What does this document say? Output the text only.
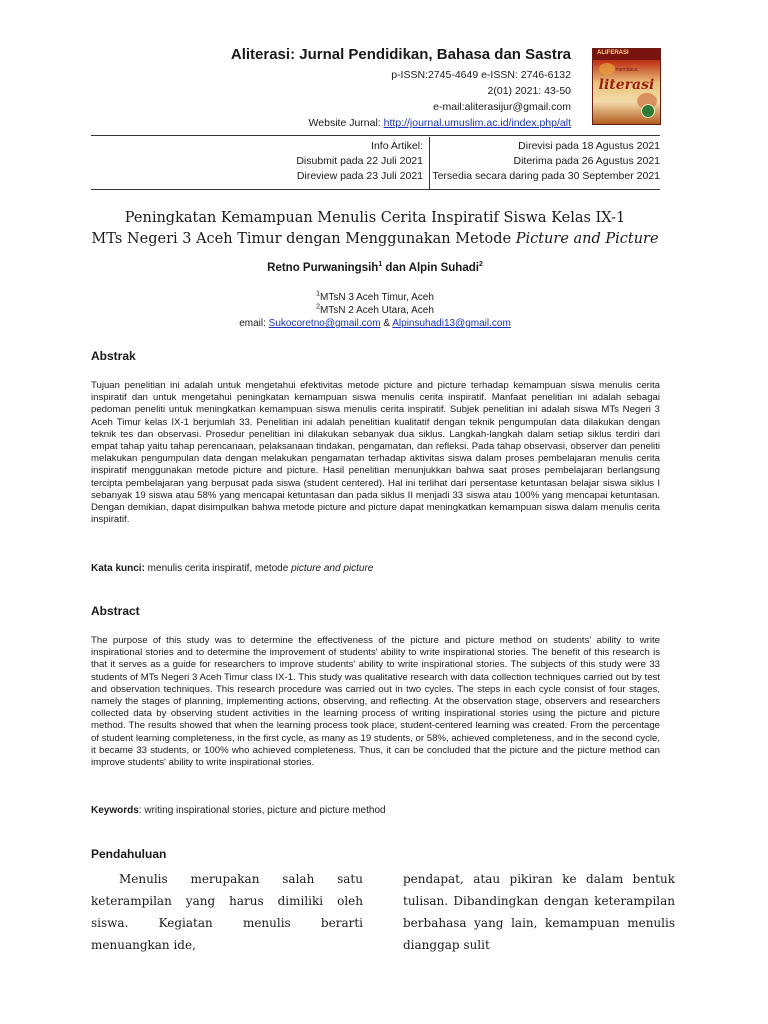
Aliterasi: Jurnal Pendidikan, Bahasa dan Sastra
p-ISSN:2745-4649 e-ISSN: 2746-6132
2(01) 2021: 43-50
e-mail:aliterasijur@gmail.com
Website Jurnal: http://journal.umuslim.ac.id/index.php/alt
ALIFERASI
membaca
literasi
Info Artikel:
Disubmit pada 22 Juli 2021
Direview pada 23 Juli 2021
Direvisi pada 18 Agustus 2021
Diterima pada 26 Agustus 2021
Tersedia secara daring pada 30 September 2021
Peningkatan Kemampuan Menulis Cerita Inspiratif Siswa Kelas IX-1
MTs Negeri 3 Aceh Timur dengan Menggunakan Metode Picture and Picture
Retno Purwaningsih$^1$ dan Alpin Suhadi$^2$
$^1$MTsN 3 Aceh Timur, Aceh
$^2$MTsN 2 Aceh Utara, Aceh
email: Sukocoretno@gmail.com & Alpinsuhadi13@gmail.com
Abstrak
Tujuan penelitian ini adalah untuk mengetahui efektivitas metode picture and picture terhadap kemampuan siswa menulis cerita inspiratif dan untuk mengetahui peningkatan kemampuan siswa menulis cerita inspiratif. Manfaat penelitian ini adalah sebagai pedoman peneliti untuk meningkatkan kemampuan siswa menulis cerita inspiratif. Subjek penelitian ini adalah siswa MTs Negeri 3 Aceh Timur kelas IX-1 berjumlah 33. Penelitian ini adalah penelitian kualitatif dengan teknik pengumpulan data dilakukan dengan teknik tes dan observasi. Prosedur penelitian ini dilakukan sebanyak dua siklus. Langkah-langkah dalam setiap siklus terdiri dari empat tahap yaitu tahap perencanaan, pelaksanaan tindakan, pengamatan, dan refleksi. Pada tahap observasi, observer dan peneliti melakukan pengumpulan data dengan melakukan pengamatan terhadap aktivitas siswa dalam proses pembelajaran menulis cerita inspiratif menggunakan metode picture and picture. Hasil penelitian menunjukkan bahwa saat proses pembelajaran berlangsung tercipta pembelajaran yang berpusat pada siswa (student centered). Hal ini terlihat dari persentase ketuntasan belajar siswa siklus I sebanyak 19 siswa atau 58% yang mencapai ketuntasan dan pada siklus II menjadi 33 siswa atau 100% yang mencapai ketuntasan. Dengan demikian, dapat disimpulkan bahwa metode picture and picture dapat meningkatkan kemampuan siswa dalam menulis cerita inspiratif.
Kata kunci: menulis cerita inspiratif, metode picture and picture
Abstract
The purpose of this study was to determine the effectiveness of the picture and picture method on students' ability to write inspirational stories and to determine the improvement of students' ability to write inspirational stories. The benefit of this research is that it serves as a guide for researchers to improve students' ability to write inspirational stories. The subjects of this study were 33 students of MTs Negeri 3 Aceh Timur class IX-1. This study was qualitative research with data collection techniques carried out by test and observation techniques. This research procedure was carried out in two cycles. The steps in each cycle consist of four stages, namely the stages of planning, implementing actions, observing, and reflecting. At the observation stage, observers and researchers collected data by observing student activities in the learning process of writing inspirational stories using the picture and picture method. The results showed that when the learning process took place, student-centered learning was created. From the percentage of student learning completeness, in the first cycle, as many as 19 students, or 58%, achieved completeness, and in the second cycle, it became 33 students, or 100% who achieved completeness. Thus, it can be concluded that the picture and the picture method can improve students' ability to write inspirational stories.
Keywords: writing inspirational stories, picture and picture method
Pendahuluan
Menulis merupakan salah satu keterampilan yang harus dimiliki oleh siswa. Kegiatan menulis berarti menuangkan ide,
pendapat, atau pikiran ke dalam bentuk tulisan. Dibandingkan dengan keterampilan berbahasa yang lain, kemampuan menulis dianggap sulit
